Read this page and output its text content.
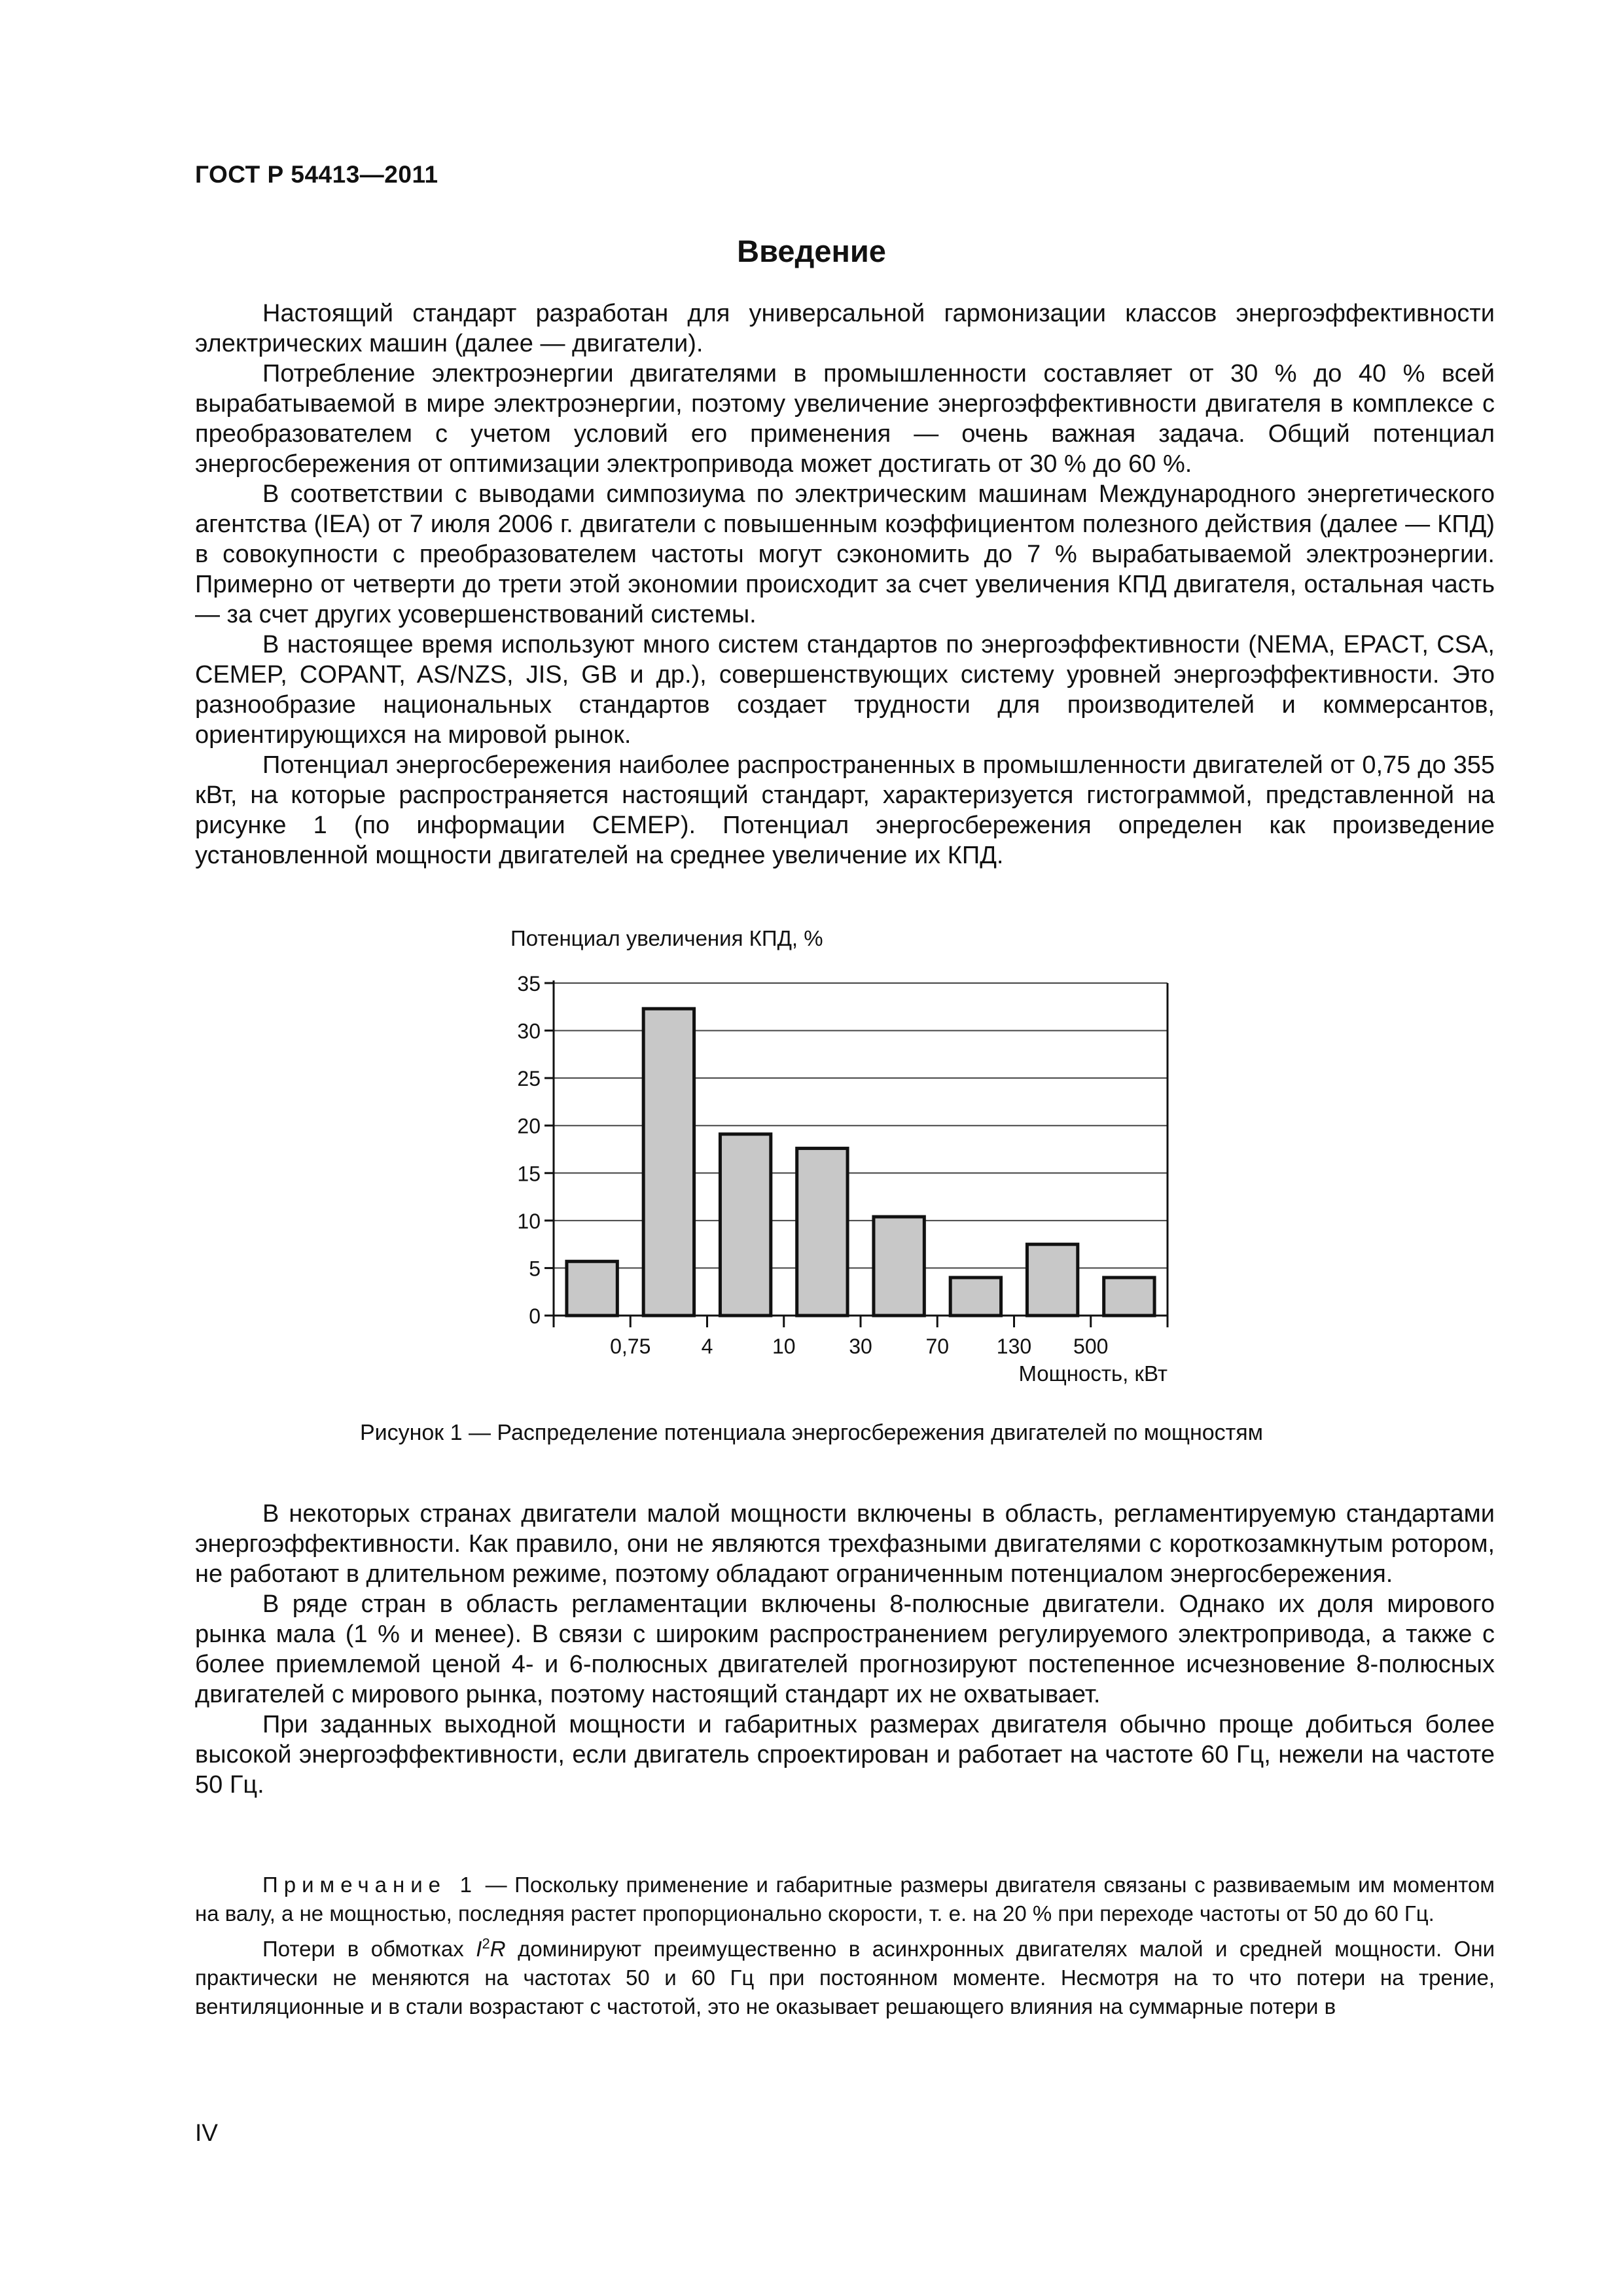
ГОСТ Р 54413—2011
Введение

Настоящий стандарт разработан для универсальной гармонизации классов энергоэффективности электрических машин (далее — двигатели).

Потребление электроэнергии двигателями в промышленности составляет от 30 % до 40 % всей вырабатываемой в мире электроэнергии, поэтому увеличение энергоэффективности двигателя в комплексе с преобразователем с учетом условий его применения — очень важная задача. Общий потенциал энергосбережения от оптимизации электропривода может достигать от 30 % до 60 %.

В соответствии с выводами симпозиума по электрическим машинам Международного энергетического агентства (IEA) от 7 июля 2006 г. двигатели с повышенным коэффициентом полезного действия (далее — КПД) в совокупности с преобразователем частоты могут сэкономить до 7 % вырабатываемой электроэнергии. Примерно от четверти до трети этой экономии происходит за счет увеличения КПД двигателя, остальная часть — за счет других усовершенствований системы.

В настоящее время используют много систем стандартов по энергоэффективности (NEMA, EPACT, CSA, CEMEP, COPANT, AS/NZS, JIS, GB и др.), совершенствующих систему уровней энергоэффективности. Это разнообразие национальных стандартов создает трудности для производителей и коммерсантов, ориентирующихся на мировой рынок.

Потенциал энергосбережения наиболее распространенных в промышленности двигателей от 0,75 до 355 кВт, на которые распространяется настоящий стандарт, характеризуется гистограммой, представленной на рисунке 1 (по информации CEMEP). Потенциал энергосбережения определен как произведение установленной мощности двигателей на среднее увеличение их КПД.

Потенциал увеличения КПД, %
0
5
10
15
20
25
30
35
0,75 4	10	30	70 130 500
Мощность, кВт
Рисунок 1 — Распределение потенциала энергосбережения двигателей по мощностям

В некоторых странах двигатели малой мощности включены в область, регламентируемую стандартами энергоэффективности. Как правило, они не являются трехфазными двигателями с короткозамкнутым ротором, не работают в длительном режиме, поэтому обладают ограниченным потенциалом энергосбережения.

В ряде стран в область регламентации включены 8-полюсные двигатели. Однако их доля мирового рынка мала (1 % и менее). В связи с широким распространением регулируемого электропривода, а также с более приемлемой ценой 4- и 6-полюсных двигателей прогнозируют постепенное исчезновение 8-полюсных двигателей с мирового рынка, поэтому настоящий стандарт их не охватывает.

При заданных выходной мощности и габаритных размерах двигателя обычно проще добиться более высокой энергоэффективности, если двигатель спроектирован и работает на частоте 60 Гц, нежели на частоте 50 Гц.

Примечание 1 — Поскольку применение и габаритные размеры двигателя связаны с развиваемым им моментом на валу, а не мощностью, последняя растет пропорционально скорости, т. е. на 20 % при переходе частоты от 50 до 60 Гц.

Потери в обмотках $I^2R$ доминируют преимущественно в асинхронных двигателях малой и средней мощности. Они практически не меняются на частотах 50 и 60 Гц при постоянном моменте. Несмотря на то что потери на трение, вентиляционные и в стали возрастают с частотой, это не оказывает решающего влияния на суммарные потери в

IV
